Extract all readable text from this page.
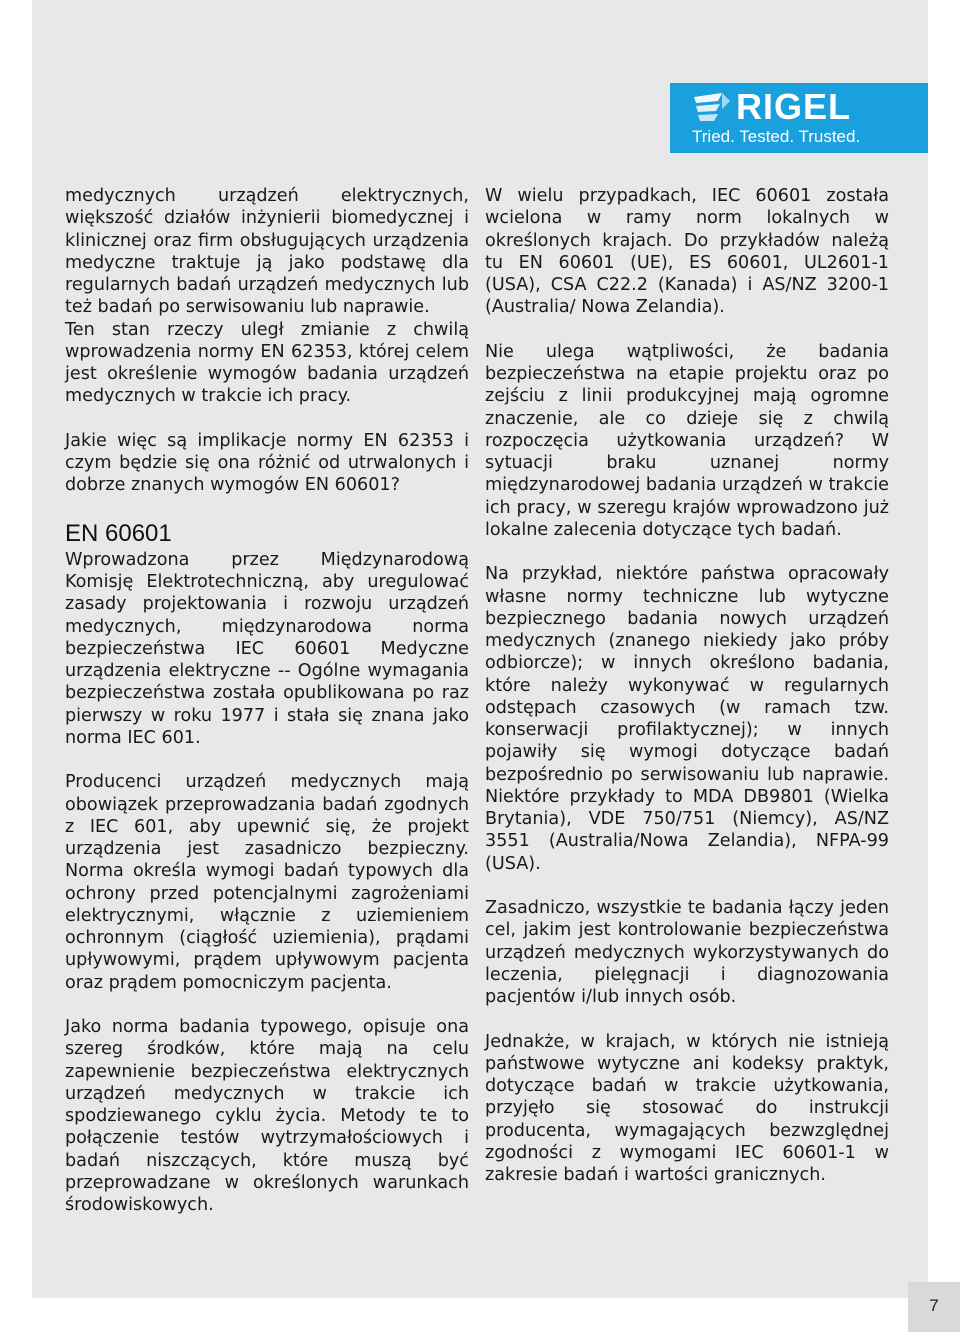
RIGEL
Tried. Tested. Trusted.

medycznych urządzeń elektrycznych, większość działów inżynierii biomedycznej i klinicznej oraz firm obsługujących urządzenia medyczne traktuje ją jako podstawę dla regularnych badań urządzeń medycznych lub też badań po serwisowaniu lub naprawie.

Ten stan rzeczy uległ zmianie z chwilą wprowadzenia normy EN 62353, której celem jest określenie wymogów badania urządzeń medycznych w trakcie ich pracy.

Jakie więc są implikacje normy EN 62353 i czym będzie się ona różnić od utrwalonych i dobrze znanych wymogów EN 60601?

EN 60601

Wprowadzona przez Międzynarodową Komisję Elektrotechniczną, aby uregulować zasady projektowania i rozwoju urządzeń medycznych, międzynarodowa norma bezpieczeństwa IEC 60601 Medyczne urządzenia elektryczne -- Ogólne wymagania bezpieczeństwa została opublikowana po raz pierwszy w roku 1977 i stała się znana jako norma IEC 601.

Producenci urządzeń medycznych mają obowiązek przeprowadzania badań zgodnych z IEC 601, aby upewnić się, że projekt urządzenia jest zasadniczo bezpieczny. Norma określa wymogi badań typowych dla ochrony przed potencjalnymi zagrożeniami elektrycznymi, włącznie z uziemieniem ochronnym (ciągłość uziemienia), prądami upływowymi, prądem upływowym pacjenta oraz prądem pomocniczym pacjenta.

Jako norma badania typowego, opisuje ona szereg środków, które mają na celu zapewnienie bezpieczeństwa elektrycznych urządzeń medycznych w trakcie ich spodziewanego cyklu życia. Metody te to połączenie testów wytrzymałościowych i badań niszczących, które muszą być przeprowadzane w określonych warunkach środowiskowych.

W wielu przypadkach, IEC 60601 została wcielona w ramy norm lokalnych w określonych krajach. Do przykładów należą tu EN 60601 (UE), ES 60601, UL2601-1 (USA), CSA C22.2 (Kanada) i AS/NZ 3200-1 (Australia/ Nowa Zelandia).

Nie ulega wątpliwości, że badania bezpieczeństwa na etapie projektu oraz po zejściu z linii produkcyjnej mają ogromne znaczenie, ale co dzieje się z chwilą rozpoczęcia użytkowania urządzeń? W sytuacji braku uznanej normy międzynarodowej badania urządzeń w trakcie ich pracy, w szeregu krajów wprowadzono już lokalne zalecenia dotyczące tych badań.

Na przykład, niektóre państwa opracowały własne normy techniczne lub wytyczne bezpiecznego badania nowych urządzeń medycznych (znanego niekiedy jako próby odbiorcze); w innych określono badania, które należy wykonywać w regularnych odstępach czasowych (w ramach tzw. konserwacji profilaktycznej); w innych pojawiły się wymogi dotyczące badań bezpośrednio po serwisowaniu lub naprawie. Niektóre przykłady to MDA DB9801 (Wielka Brytania), VDE 750/751 (Niemcy), AS/NZ 3551 (Australia/Nowa Zelandia), NFPA-99 (USA).

Zasadniczo, wszystkie te badania łączy jeden cel, jakim jest kontrolowanie bezpieczeństwa urządzeń medycznych wykorzystywanych do leczenia, pielęgnacji i diagnozowania pacjentów i/lub innych osób.

Jednakże, w krajach, w których nie istnieją państwowe wytyczne ani kodeksy praktyk, dotyczące badań w trakcie użytkowania, przyjęło się stosować do instrukcji producenta, wymagających bezwzględnej zgodności z wymogami IEC 60601-1 w zakresie badań i wartości granicznych.

7
